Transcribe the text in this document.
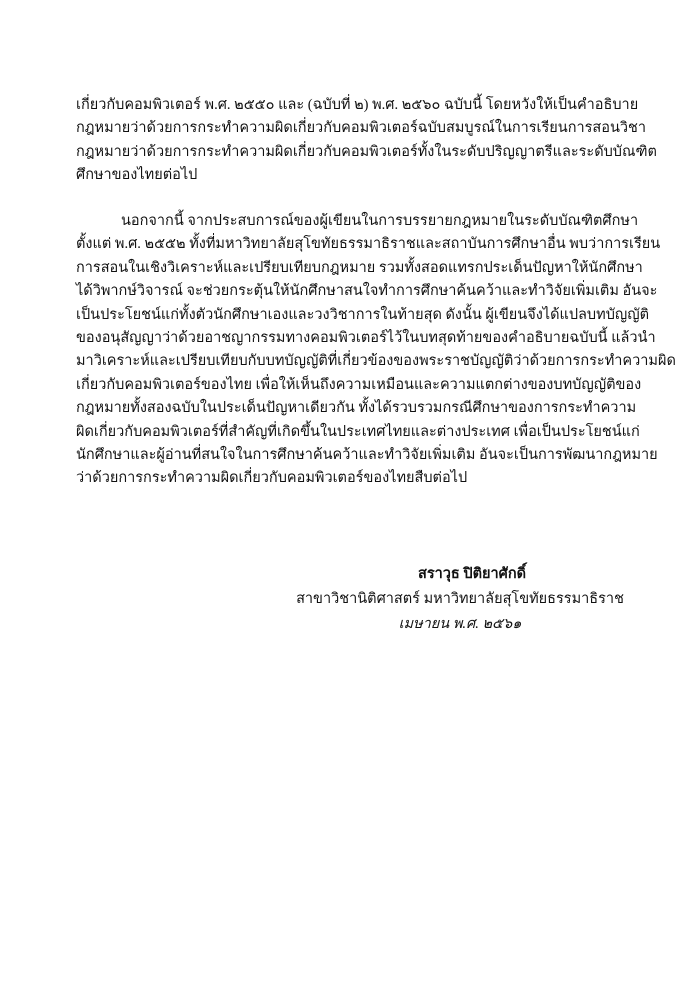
เกี่ยวกับคอมพิวเตอร์ พ.ศ. ๒๕๕๐ และ (ฉบับที่ ๒) พ.ศ. ๒๕๖๐ ฉบับนี้ โดยหวังให้เป็นคำอธิบาย
กฎหมายว่าด้วยการกระทำความผิดเกี่ยวกับคอมพิวเตอร์ฉบับสมบูรณ์ในการเรียนการสอนวิชา
กฎหมายว่าด้วยการกระทำความผิดเกี่ยวกับคอมพิวเตอร์ทั้งในระดับปริญญาตรีและระดับบัณฑิต
ศึกษาของไทยต่อไป
นอกจากนี้ จากประสบการณ์ของผู้เขียนในการบรรยายกฎหมายในระดับบัณฑิตศึกษา
ตั้งแต่ พ.ศ. ๒๕๕๒ ทั้งที่มหาวิทยาลัยสุโขทัยธรรมาธิราชและสถาบันการศึกษาอื่น พบว่าการเรียน
การสอนในเชิงวิเคราะห์และเปรียบเทียบกฎหมาย รวมทั้งสอดแทรกประเด็นปัญหาให้นักศึกษา
ได้วิพากษ์วิจารณ์ จะช่วยกระตุ้นให้นักศึกษาสนใจทำการศึกษาค้นคว้าและทำวิจัยเพิ่มเติม อันจะ
เป็นประโยชน์แก่ทั้งตัวนักศึกษาเองและวงวิชาการในท้ายสุด ดังนั้น ผู้เขียนจึงได้แปลบทบัญญัติ
ของอนุสัญญาว่าด้วยอาชญากรรมทางคอมพิวเตอร์ไว้ในบทสุดท้ายของคำอธิบายฉบับนี้ แล้วนำ
มาวิเคราะห์และเปรียบเทียบกับบทบัญญัติที่เกี่ยวข้องของพระราชบัญญัติว่าด้วยการกระทำความผิด
เกี่ยวกับคอมพิวเตอร์ของไทย เพื่อให้เห็นถึงความเหมือนและความแตกต่างของบทบัญญัติของ
กฎหมายทั้งสองฉบับในประเด็นปัญหาเดียวกัน ทั้งได้รวบรวมกรณีศึกษาของการกระทำความ
ผิดเกี่ยวกับคอมพิวเตอร์ที่สำคัญที่เกิดขึ้นในประเทศไทยและต่างประเทศ เพื่อเป็นประโยชน์แก่
นักศึกษาและผู้อ่านที่สนใจในการศึกษาค้นคว้าและทำวิจัยเพิ่มเติม อันจะเป็นการพัฒนากฎหมาย
ว่าด้วยการกระทำความผิดเกี่ยวกับคอมพิวเตอร์ของไทยสืบต่อไป
สราวุธ ปิติยาศักดิ์
สาขาวิชานิติศาสตร์ มหาวิทยาลัยสุโขทัยธรรมาธิราช
เมษายน พ.ศ. ๒๕๖๑
